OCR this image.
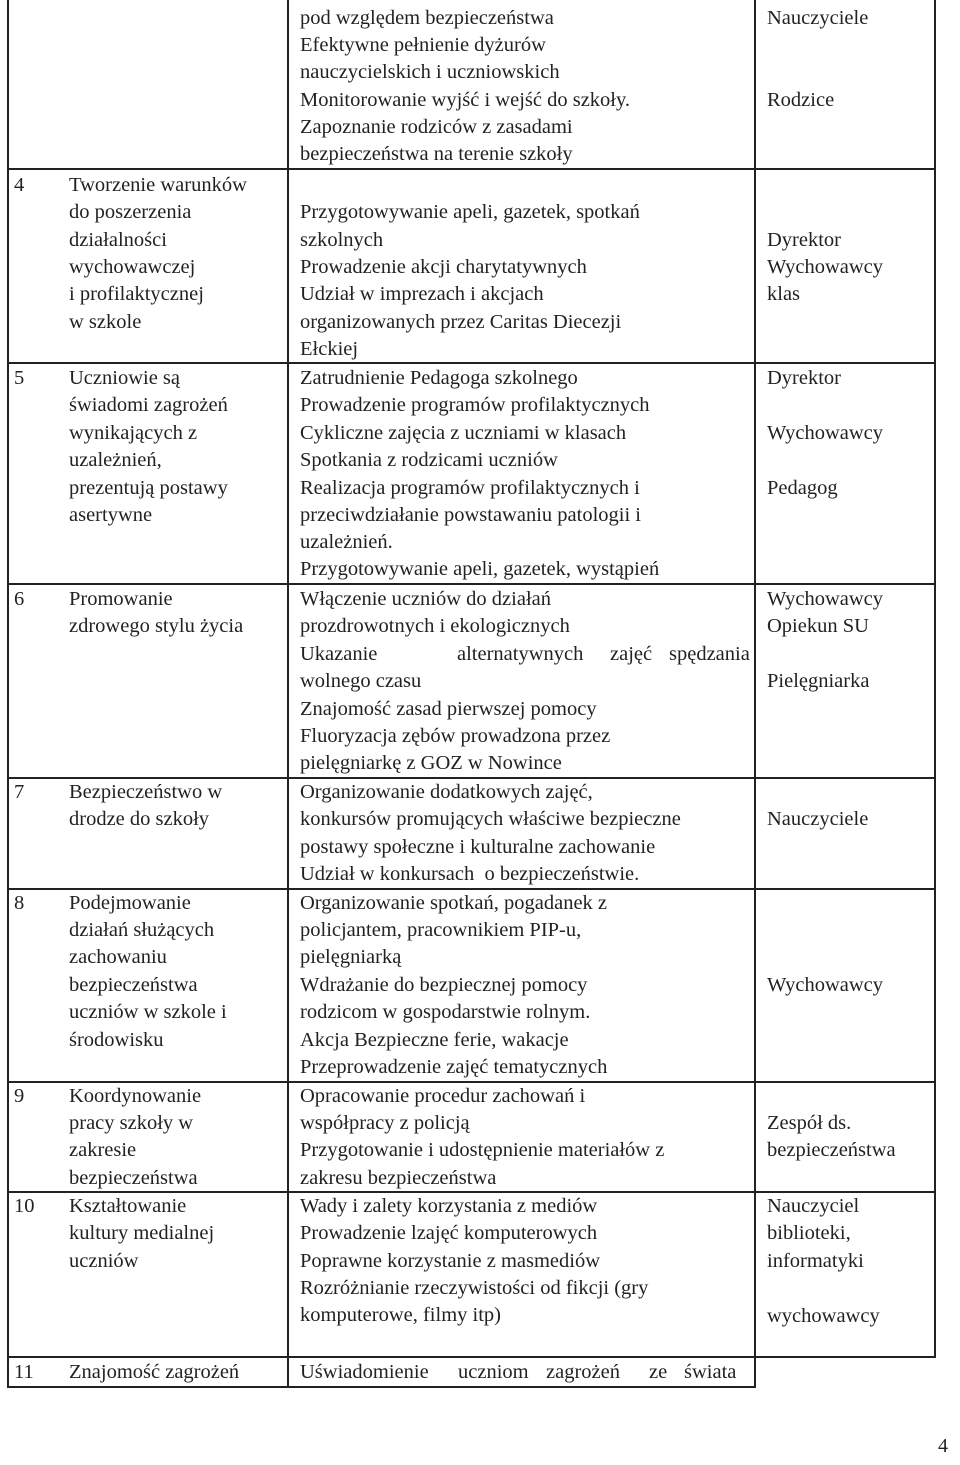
pod względem bezpieczeństwa
Efektywne pełnienie dyżurów
nauczycielskich i uczniowskich
Monitorowanie wyjść i wejść do szkoły.
Zapoznanie rodziców z zasadami
bezpieczeństwa na terenie szkoły
Nauczyciele
Rodzice
4 Tworzenie warunków
do poszerzenia
działalności
wychowawczej
i profilaktycznej
w szkole
Przygotowywanie apeli, gazetek, spotkań
szkolnych
Prowadzenie akcji charytatywnych
Udział w imprezach i akcjach
organizowanych przez Caritas Diecezji
Ełckiej
Dyrektor
Wychowawcy
klas
5 Uczniowie są
świadomi zagrożeń
wynikających z
uzależnień,
prezentują postawy
asertywne
Zatrudnienie Pedagoga szkolnego
Prowadzenie programów profilaktycznych
Cykliczne zajęcia z uczniami w klasach
Spotkania z rodzicami uczniów
Realizacja programów profilaktycznych i
przeciwdziałanie powstawaniu patologii i
uzależnień.
Przygotowywanie apeli, gazetek, wystąpień
Dyrektor
Wychowawcy
Pedagog
6 Promowanie
zdrowego stylu życia
Włączenie uczniów do działań
prozdrowotnych i ekologicznych
Ukazanie	alternatywnych zajęć spędzania
wolnego czasu
Znajomość zasad pierwszej pomocy
Fluoryzacja zębów prowadzona przez
pielęgniarkę z GOZ w Nowince
Wychowawcy
Opiekun SU
Pielęgniarka
7 Bezpieczeństwo w
drodze do szkoły
Organizowanie dodatkowych zajęć,
konkursów promujących właściwe bezpieczne
postawy społeczne i kulturalne zachowanie
Udział w konkursach  o bezpieczeństwie.
Nauczyciele
8 Podejmowanie
działań służących
zachowaniu
bezpieczeństwa
uczniów w szkole i
środowisku
Organizowanie spotkań, pogadanek z
policjantem, pracownikiem PIP-u,
pielęgniarką
Wdrażanie do bezpiecznej pomocy
rodzicom w gospodarstwie rolnym.
Akcja Bezpieczne ferie, wakacje
Przeprowadzenie zajęć tematycznych
Wychowawcy
9 Koordynowanie
pracy szkoły w
zakresie
bezpieczeństwa
Opracowanie procedur zachowań i
współpracy z policją
Przygotowanie i udostępnienie materiałów z
zakresu bezpieczeństwa
Zespół ds.
bezpieczeństwa
10 Kształtowanie
kultury medialnej
uczniów
Wady i zalety korzystania z mediów
Prowadzenie lzajęć komputerowych
Poprawne korzystanie z masmediów
Rozróżnianie rzeczywistości od fikcji (gry
komputerowe, filmy itp)
Nauczyciel
biblioteki,
informatyki
wychowawcy
11 Znajomość zagrożeń	Uświadomienie uczniom zagrożeń ze świata
4
